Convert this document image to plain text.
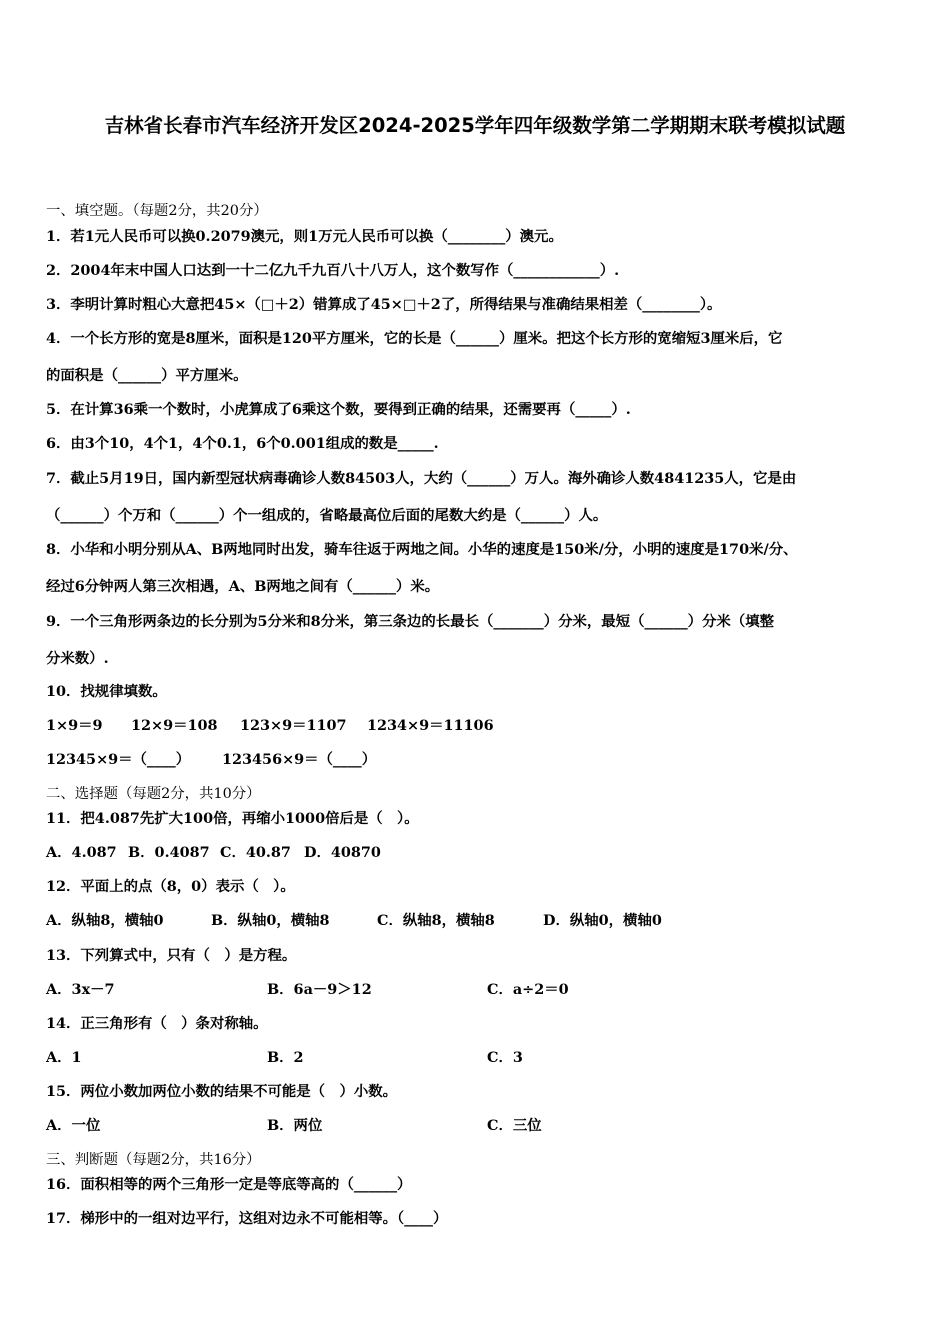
吉林省长春市汽车经济开发区2024-2025学年四年级数学第二学期期末联考模拟试题
一、填空题。（每题2分，共20分）
1．若1元人民币可以换0.2079澳元，则1万元人民币可以换（________）澳元。
2．2004年末中国人口达到一十二亿九千九百八十八万人，这个数写作（____________）.
3．李明计算时粗心大意把45×（□＋2）错算成了45×□＋2了，所得结果与准确结果相差（________）。
4．一个长方形的宽是8厘米，面积是120平方厘米，它的长是（______）厘米。把这个长方形的宽缩短3厘米后，它
的面积是（______）平方厘米。
5．在计算36乘一个数时，小虎算成了6乘这个数，要得到正确的结果，还需要再（_____）.
6．由3个10，4个1，4个0.1，6个0.001组成的数是_____.
7．截止5月19日，国内新型冠状病毒确诊人数84503人，大约（______）万人。海外确诊人数4841235人，它是由
（______）个万和（______）个一组成的，省略最高位后面的尾数大约是（______）人。
8．小华和小明分别从A、B两地同时出发，骑车往返于两地之间。小华的速度是150米/分，小明的速度是170米/分、
经过6分钟两人第三次相遇，A、B两地之间有（______）米。
9．一个三角形两条边的长分别为5分米和8分米，第三条边的长最长（_______）分米，最短（______）分米（填整
分米数）.
10．找规律填数。
1×9＝9 12×9＝108 123×9＝1107 1234×9＝11106
12345×9＝（____） 123456×9＝（____）
二、选择题（每题2分，共10分）
11．把4.087先扩大100倍，再缩小1000倍后是（　）。
A．4.087 B．0.4087 C．40.87 D．40870
12．平面上的点（8，0）表示（　）。
A．纵轴8，横轴0	B．纵轴0，横轴8	C．纵轴8，横轴8	D．纵轴0，横轴0
13．下列算式中，只有（　）是方程。
A．3x－7	B．6a－9＞12	C．a÷2＝0
14．正三角形有（　）条对称轴。
A．1	B．2	C．3
15．两位小数加两位小数的结果不可能是（　）小数。
A．一位	B．两位	C．三位
三、判断题（每题2分，共16分）
16．面积相等的两个三角形一定是等底等高的（______）
17．梯形中的一组对边平行，这组对边永不可能相等。（____）
